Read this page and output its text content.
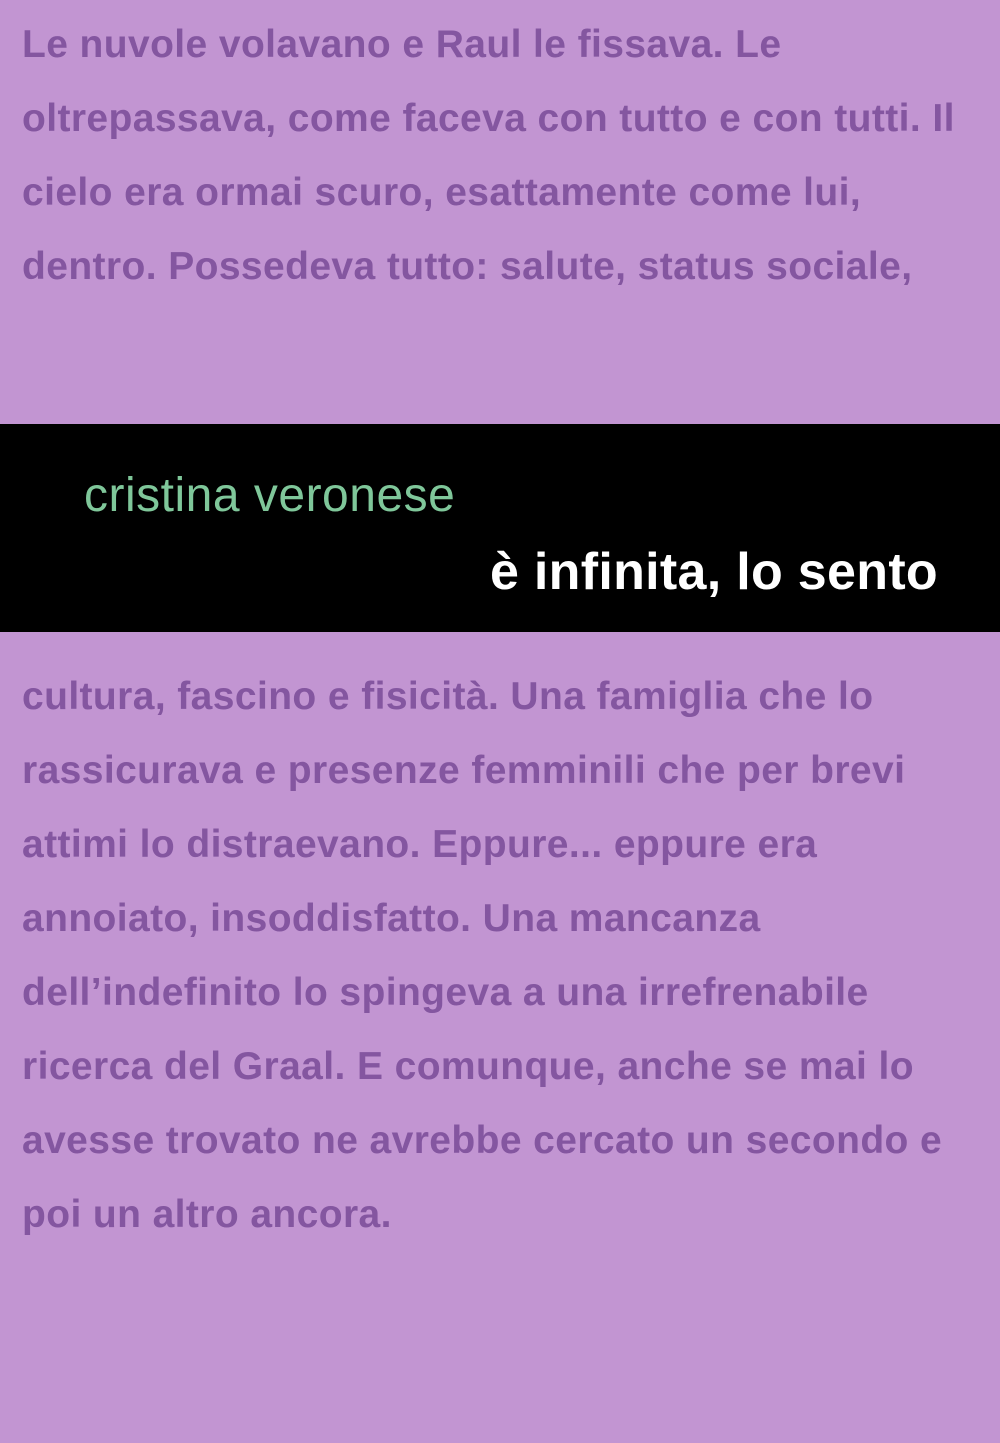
Le nuvole volavano e Raul le fissava. Le oltrepassava, come faceva con tutto e con tutti. Il cielo era ormai scuro, esattamente come lui, dentro. Possedeva tutto: salute, status sociale,

cristina veronese
è infinita, lo sento

cultura, fascino e fisicità. Una famiglia che lo rassicurava e presenze femminili che per brevi attimi lo distraevano. Eppure... eppure era annoiato, insoddisfatto. Una mancanza dell’indefinito lo spingeva a una irrefrenabile ricerca del Graal. E comunque, anche se mai lo avesse trovato ne avrebbe cercato un secondo e poi un altro ancora.
